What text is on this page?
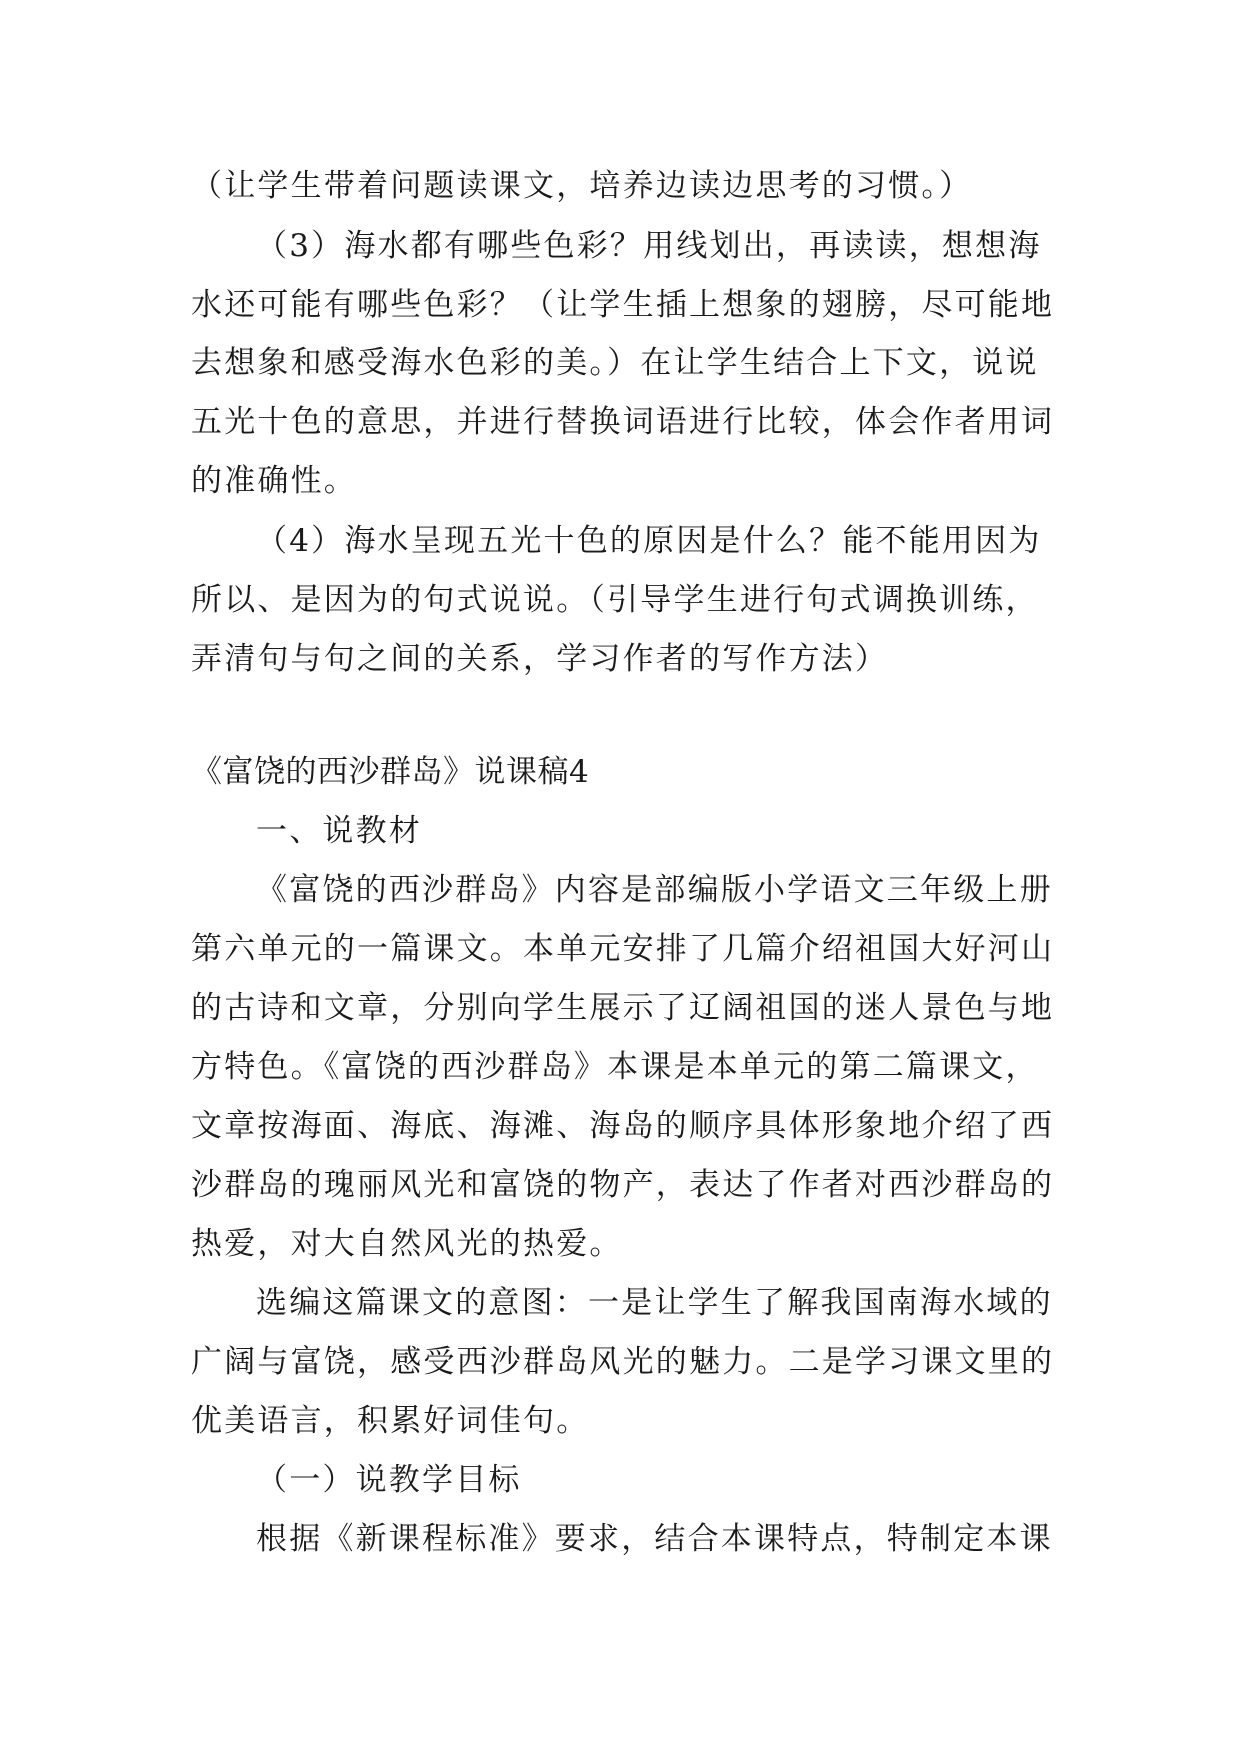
（让学生带着问题读课文，培养边读边思考的习惯。）
（3）海水都有哪些色彩？用线划出，再读读，想想海
水还可能有哪些色彩？（让学生插上想象的翅膀，尽可能地
去想象和感受海水色彩的美。）在让学生结合上下文，说说
五光十色的意思，并进行替换词语进行比较，体会作者用词
的准确性。
（4）海水呈现五光十色的原因是什么？能不能用因为
所以、是因为的句式说说。（引导学生进行句式调换训练，
弄清句与句之间的关系，学习作者的写作方法）
《富饶的西沙群岛》说课稿4
一、说教材
《富饶的西沙群岛》内容是部编版小学语文三年级上册
第六单元的一篇课文。本单元安排了几篇介绍祖国大好河山
的古诗和文章，分别向学生展示了辽阔祖国的迷人景色与地
方特色。《富饶的西沙群岛》本课是本单元的第二篇课文，
文章按海面、海底、海滩、海岛的顺序具体形象地介绍了西
沙群岛的瑰丽风光和富饶的物产，表达了作者对西沙群岛的
热爱，对大自然风光的热爱。
选编这篇课文的意图：一是让学生了解我国南海水域的
广阔与富饶，感受西沙群岛风光的魅力。二是学习课文里的
优美语言，积累好词佳句。
（一）说教学目标
根据《新课程标准》要求，结合本课特点，特制定本课
